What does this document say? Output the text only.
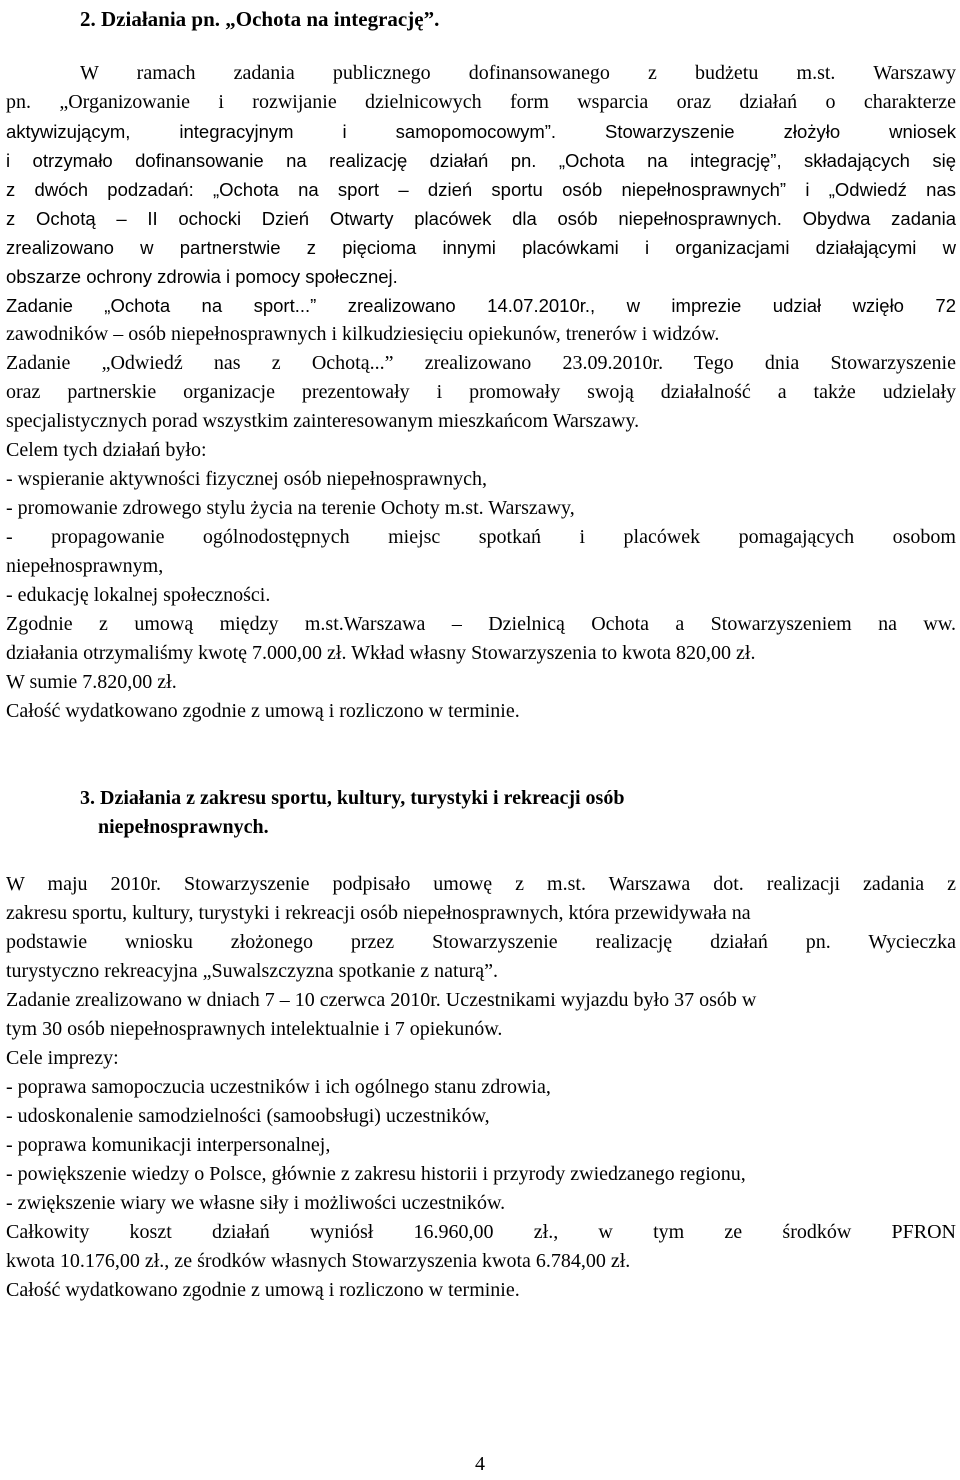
2. Działania pn. „Ochota na integrację”.
W ramach zadania publicznego dofinansowanego z budżetu m.st. Warszawy
pn. „Organizowanie i rozwijanie dzielnicowych form wsparcia oraz działań o charakterze
aktywizującym, integracyjnym i samopomocowym”. Stowarzyszenie złożyło wniosek
i otrzymało dofinansowanie na realizację działań pn. „Ochota na integrację”, składających się
z dwóch podzadań: „Ochota na sport – dzień sportu osób niepełnosprawnych” i „Odwiedź nas
z Ochotą – II ochocki Dzień Otwarty placówek dla osób niepełnosprawnych. Obydwa zadania
zrealizowano w partnerstwie z pięcioma innymi placówkami i organizacjami działającymi w
obszarze ochrony zdrowia i pomocy społecznej.
Zadanie „Ochota na sport...” zrealizowano 14.07.2010r., w imprezie udział wzięło 72
zawodników – osób niepełnosprawnych i kilkudziesięciu opiekunów, trenerów i widzów.
Zadanie „Odwiedź nas z Ochotą...” zrealizowano 23.09.2010r. Tego dnia Stowarzyszenie
oraz partnerskie organizacje prezentowały i promowały swoją działalność a także udzielały
specjalistycznych porad wszystkim zainteresowanym mieszkańcom Warszawy.
Celem tych działań było:
- wspieranie aktywności fizycznej osób niepełnosprawnych,
- promowanie zdrowego stylu życia na terenie Ochoty m.st. Warszawy,
- propagowanie ogólnodostępnych miejsc spotkań i placówek pomagających osobom
niepełnosprawnym,
- edukację lokalnej społeczności.
Zgodnie z umową między m.st.Warszawa – Dzielnicą Ochota a Stowarzyszeniem na ww.
działania otrzymaliśmy kwotę 7.000,00 zł. Wkład własny Stowarzyszenia to kwota 820,00 zł.
W sumie 7.820,00 zł.
Całość wydatkowano zgodnie z umową i rozliczono w terminie.
3. Działania z zakresu sportu, kultury, turystyki i rekreacji osób
niepełnosprawnych.
W maju 2010r. Stowarzyszenie podpisało umowę z m.st. Warszawa dot. realizacji zadania z
zakresu sportu, kultury, turystyki i rekreacji osób niepełnosprawnych, która przewidywała na
podstawie wniosku złożonego przez Stowarzyszenie realizację działań pn. Wycieczka
turystyczno rekreacyjna „Suwalszczyzna spotkanie z naturą”.
Zadanie zrealizowano w dniach 7 – 10 czerwca 2010r. Uczestnikami wyjazdu było 37 osób w
tym 30 osób niepełnosprawnych intelektualnie i 7 opiekunów.
Cele imprezy:
- poprawa samopoczucia uczestników i ich ogólnego stanu zdrowia,
- udoskonalenie samodzielności (samoobsługi) uczestników,
- poprawa komunikacji interpersonalnej,
- powiększenie wiedzy o Polsce, głównie z zakresu historii i przyrody zwiedzanego regionu,
- zwiększenie wiary we własne siły i możliwości uczestników.
Całkowity koszt działań wyniósł 16.960,00 zł., w tym ze środków PFRON
kwota 10.176,00 zł., ze środków własnych Stowarzyszenia kwota 6.784,00 zł.
Całość wydatkowano zgodnie z umową i rozliczono w terminie.
4
